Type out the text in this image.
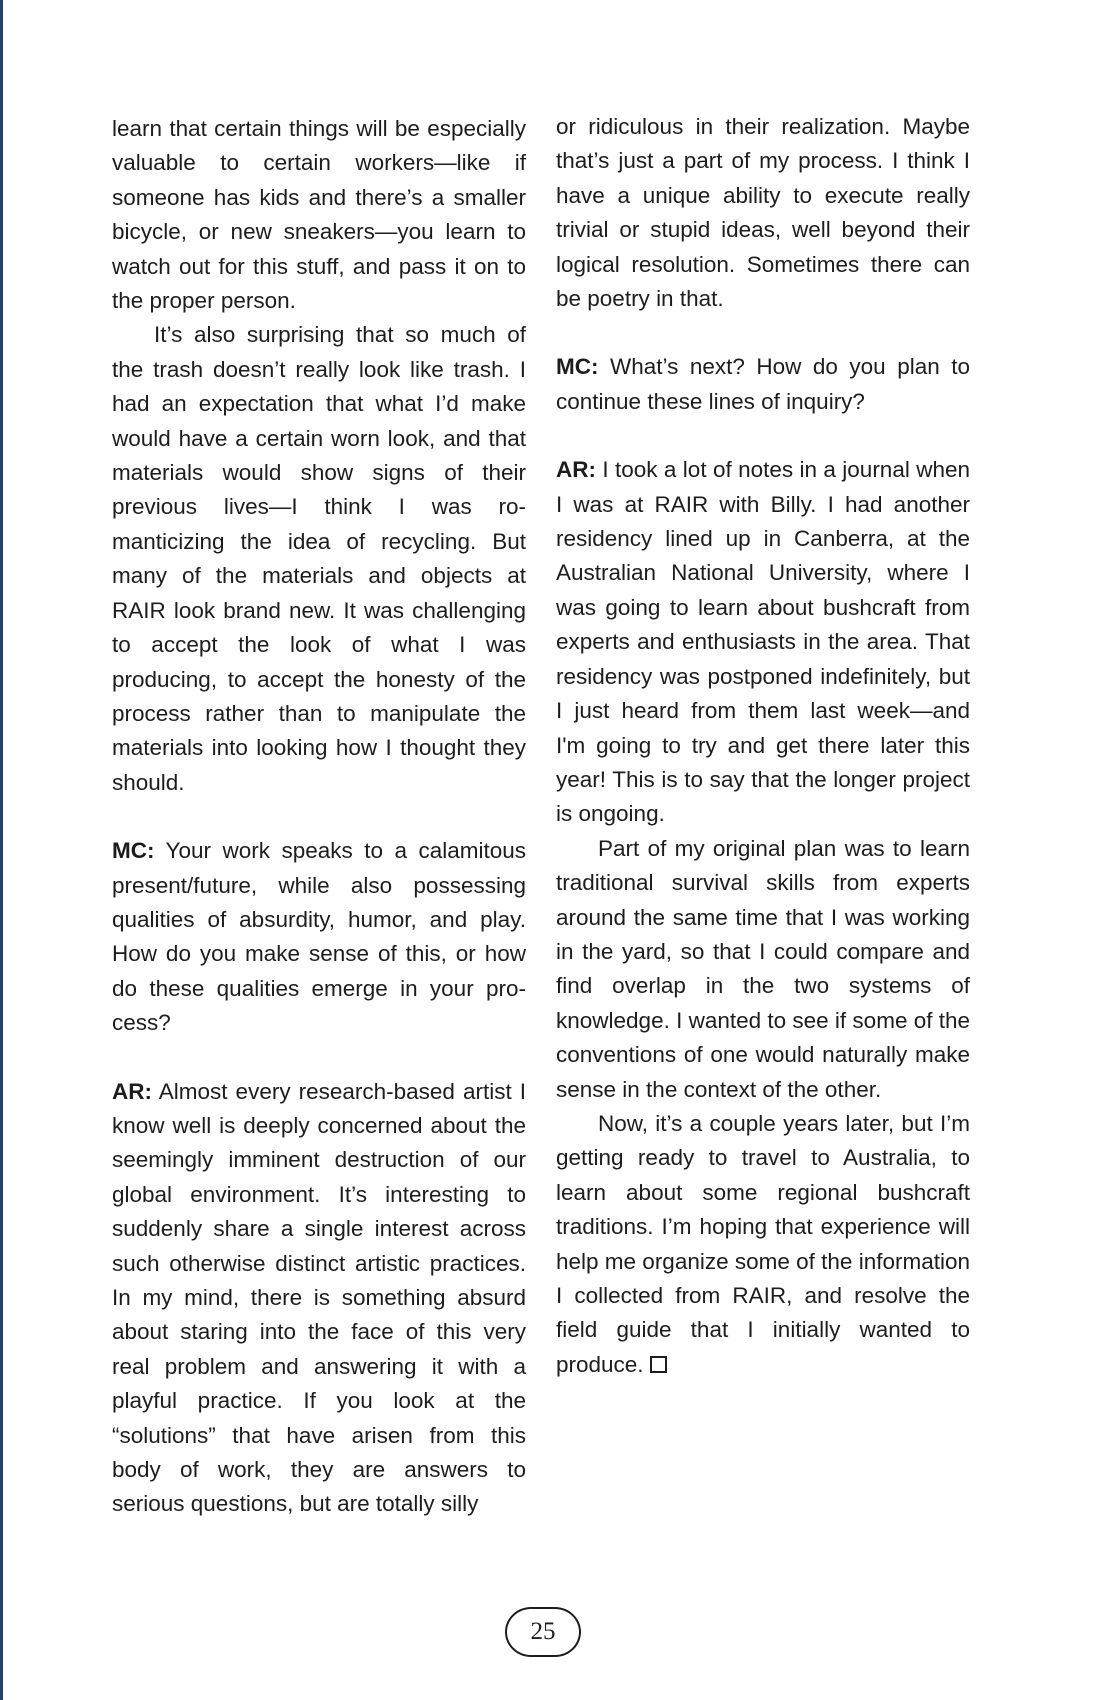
learn that certain things will be especially valuable to certain workers—like if someone has kids and there’s a smaller bicycle, or new sneakers—you learn to watch out for this stuff, and pass it on to the proper person.

It’s also surprising that so much of the trash doesn’t really look like trash. I had an expectation that what I’d make would have a certain worn look, and that materials would show signs of their previous lives—I think I was romanticizing the idea of recycling. But many of the materials and objects at RAIR look brand new. It was challenging to accept the look of what I was producing, to accept the honesty of the process rather than to manipulate the materials into looking how I thought they should.

MC: Your work speaks to a calamitous present/future, while also possessing qualities of absurdity, humor, and play. How do you make sense of this, or how do these qualities emerge in your process?

AR: Almost every research-based artist I know well is deeply concerned about the seemingly imminent destruction of our global environment. It’s interesting to suddenly share a single interest across such otherwise distinct artistic practices. In my mind, there is something absurd about staring into the face of this very real problem and answering it with a playful practice. If you look at the “solutions” that have arisen from this body of work, they are answers to serious questions, but are totally silly

or ridiculous in their realization. Maybe that’s just a part of my process. I think I have a unique ability to execute really trivial or stupid ideas, well beyond their logical resolution. Sometimes there can be poetry in that.

MC: What’s next? How do you plan to continue these lines of inquiry?

AR: I took a lot of notes in a journal when I was at RAIR with Billy. I had another residency lined up in Canberra, at the Australian National University, where I was going to learn about bushcraft from experts and enthusiasts in the area. That residency was postponed indefinitely, but I just heard from them last week—and I'm going to try and get there later this year! This is to say that the longer project is ongoing.

Part of my original plan was to learn traditional survival skills from experts around the same time that I was working in the yard, so that I could compare and find overlap in the two systems of knowledge. I wanted to see if some of the conventions of one would naturally make sense in the context of the other.

Now, it’s a couple years later, but I’m getting ready to travel to Australia, to learn about some regional bushcraft traditions. I’m hoping that experience will help me organize some of the information I collected from RAIR, and resolve the field guide that I initially wanted to produce.

25
